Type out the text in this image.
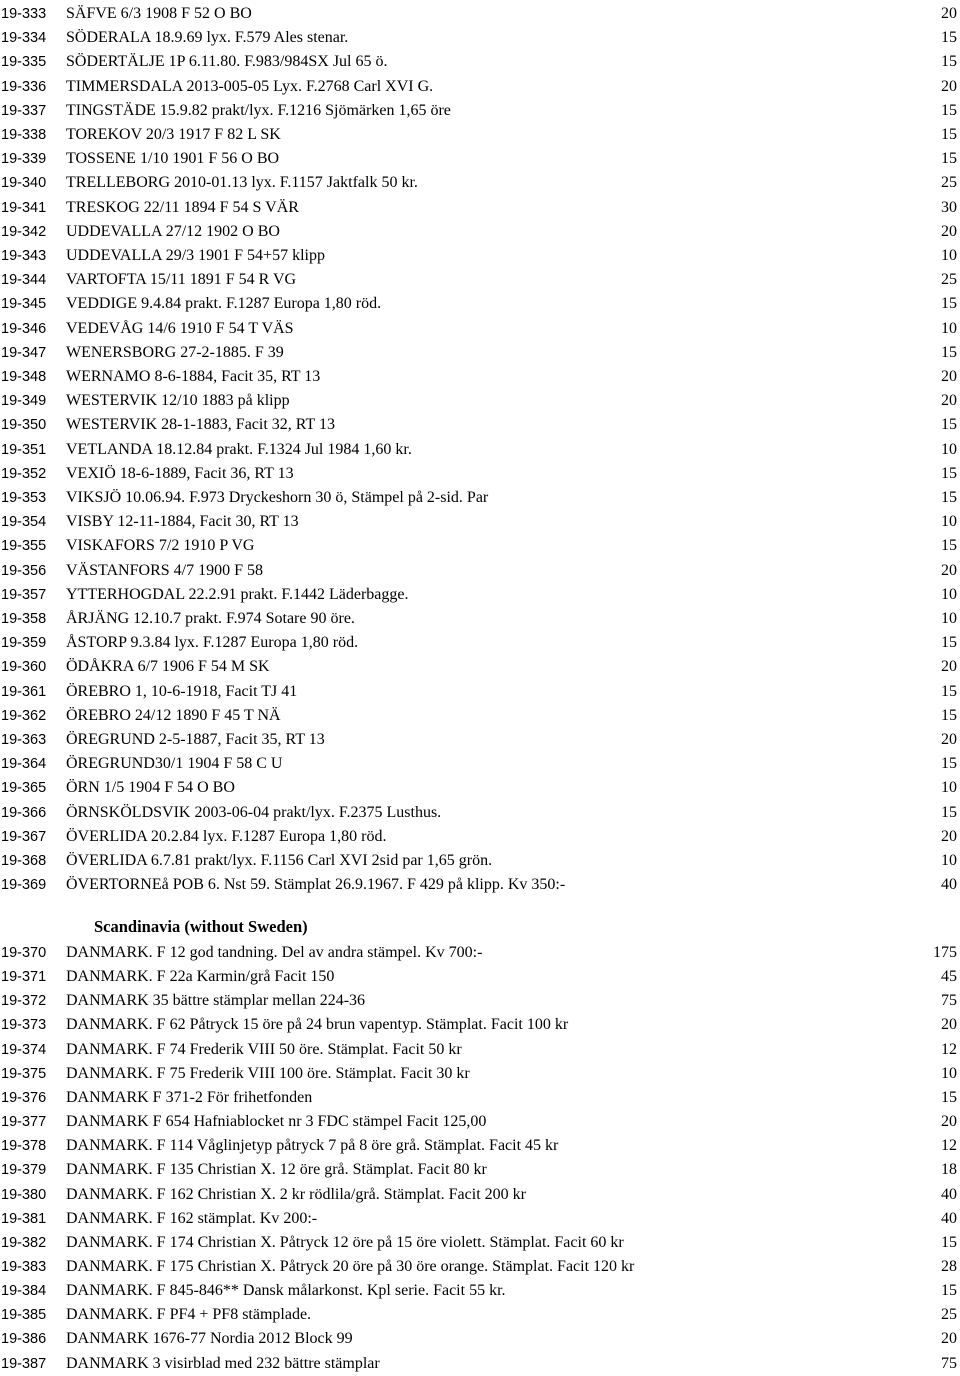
19-333 SÄFVE 6/3 1908 F 52 O BO	20
19-334 SÖDERALA 18.9.69 lyx. F.579 Ales stenar.	15
19-335 SÖDERTÄLJE 1P 6.11.80. F.983/984SX Jul 65 ö.	15
19-336 TIMMERSDALA 2013-005-05 Lyx. F.2768 Carl XVI G.	20
19-337 TINGSTÄDE 15.9.82 prakt/lyx. F.1216 Sjömärken 1,65 öre	15
19-338 TOREKOV 20/3 1917 F 82 L SK	15
19-339 TOSSENE 1/10 1901 F 56 O BO	15
19-340 TRELLEBORG 2010-01.13 lyx. F.1157 Jaktfalk 50 kr.	25
19-341 TRESKOG 22/11 1894 F 54 S VÄR	30
19-342 UDDEVALLA 27/12 1902 O BO	20
19-343 UDDEVALLA 29/3 1901 F 54+57 klipp	10
19-344 VARTOFTA 15/11 1891 F 54 R VG	25
19-345 VEDDIGE 9.4.84 prakt. F.1287 Europa 1,80 röd.	15
19-346 VEDEVÅG 14/6 1910 F 54 T VÄS	10
19-347 WENERSBORG 27-2-1885. F 39	15
19-348 WERNAMO 8-6-1884, Facit 35, RT 13	20
19-349 WESTERVIK 12/10 1883 på klipp	20
19-350 WESTERVIK 28-1-1883, Facit 32, RT 13	15
19-351 VETLANDA 18.12.84 prakt. F.1324 Jul 1984 1,60 kr.	10
19-352 VEXIÖ 18-6-1889, Facit 36, RT 13	15
19-353 VIKSJÖ 10.06.94. F.973 Dryckeshorn 30 ö, Stämpel på 2-sid. Par	15
19-354 VISBY 12-11-1884, Facit 30, RT 13	10
19-355 VISKAFORS 7/2 1910 P VG	15
19-356 VÄSTANFORS 4/7 1900 F 58	20
19-357 YTTERHOGDAL 22.2.91 prakt. F.1442 Läderbagge.	10
19-358 ÅRJÄNG 12.10.7 prakt. F.974 Sotare 90 öre.	10
19-359 ÅSTORP 9.3.84 lyx. F.1287 Europa 1,80 röd.	15
19-360 ÖDÅKRA 6/7 1906 F 54 M SK	20
19-361 ÖREBRO 1, 10-6-1918, Facit TJ 41	15
19-362 ÖREBRO 24/12 1890 F 45 T NÄ	15
19-363 ÖREGRUND 2-5-1887, Facit 35, RT 13	20
19-364 ÖREGRUND30/1 1904 F 58 C U	15
19-365 ÖRN 1/5 1904 F 54 O BO	10
19-366 ÖRNSKÖLDSVIK 2003-06-04 prakt/lyx. F.2375 Lusthus.	15
19-367 ÖVERLIDA 20.2.84 lyx. F.1287 Europa 1,80 röd.	20
19-368 ÖVERLIDA 6.7.81 prakt/lyx. F.1156 Carl XVI 2sid par 1,65 grön.	10
19-369 ÖVERTORNEå POB 6. Nst 59. Stämplat 26.9.1967. F 429 på klipp. Kv 350:-	40
Scandinavia (without Sweden)
19-370 DANMARK. F 12 god tandning. Del av andra stämpel. Kv 700:-	175
19-371 DANMARK. F 22a Karmin/grå Facit 150	45
19-372 DANMARK 35 bättre stämplar mellan 224-36	75
19-373 DANMARK. F 62 Påtryck 15 öre på 24 brun vapentyp. Stämplat. Facit 100 kr	20
19-374 DANMARK. F 74 Frederik VIII 50 öre. Stämplat. Facit 50 kr	12
19-375 DANMARK. F 75 Frederik VIII 100 öre. Stämplat. Facit 30 kr	10
19-376 DANMARK F 371-2 För frihetfonden	15
19-377 DANMARK F 654 Hafniablocket nr 3 FDC stämpel Facit 125,00	20
19-378 DANMARK. F 114 Våglinjetyp påtryck 7 på 8 öre grå. Stämplat. Facit 45 kr	12
19-379 DANMARK. F 135 Christian X. 12 öre grå. Stämplat. Facit 80 kr	18
19-380 DANMARK. F 162 Christian X. 2 kr rödlila/grå. Stämplat. Facit 200 kr	40
19-381 DANMARK. F 162 stämplat. Kv 200:-	40
19-382 DANMARK. F 174 Christian X. Påtryck 12 öre på 15 öre violett. Stämplat. Facit 60 kr	15
19-383 DANMARK. F 175 Christian X. Påtryck 20 öre på 30 öre orange. Stämplat. Facit 120 kr	28
19-384 DANMARK. F 845-846** Dansk målarkonst. Kpl serie. Facit 55 kr.	15
19-385 DANMARK. F PF4 + PF8 stämplade.	25
19-386 DANMARK 1676-77 Nordia 2012 Block 99	20
19-387 DANMARK 3 visirblad med 232 bättre stämplar	75
